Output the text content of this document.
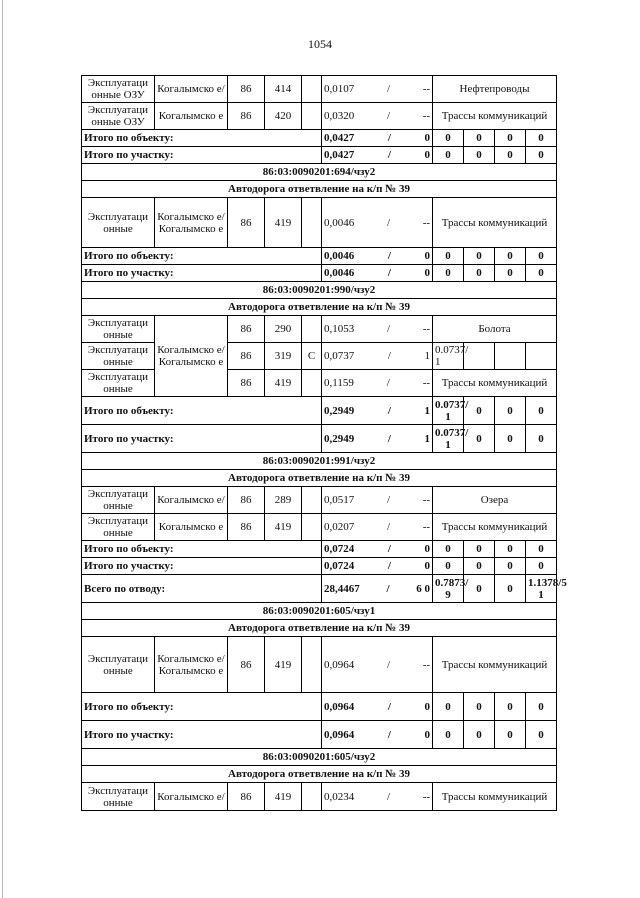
1054
Эксплуатаци онные ОЗУ	Когалымско е/	86	414		0,0107 / --	Нефтепроводы			
Эксплуатаци онные ОЗУ	Когалымско е	86	420		0,0320 / --	Трассы коммуникаций			
Итого по объекту:					0,0427 / 0	0	0	0	0
Итого по участку:					0,0427 / 0	0	0	0	0
86:03:0090201:694/чзу2									
Автодорога ответвление на к/п № 39									
Эксплуатаци онные	Когалымско е/ Когалымско е	86	419		0,0046 / --	Трассы коммуникаций			
Итого по объекту:					0,0046 / 0	0	0	0	0
Итого по участку:					0,0046 / 0	0	0	0	0
86:03:0090201:990/чзу2									
Автодорога ответвление на к/п № 39									
Эксплуатаци онные	Когалымско е/ Когалымско е	86	290		0,1053 / --	Болота			
Эксплуатаци онные		86	319	С	0,0737 / 1	0.0737/ 1			
Эксплуатаци онные		86	419		0,1159 / --	Трассы коммуникаций			
Итого по объекту:					0,2949 / 1	0.0737/ 1	0	0	0
Итого по участку:					0,2949 / 1	0.0737/ 1	0	0	0
86:03:0090201:991/чзу2									
Автодорога ответвление на к/п № 39									
Эксплуатаци онные	Когалымско е/	86	289		0,0517 / --	Озера			
Эксплуатаци онные	Когалымско е	86	419		0,0207 / --	Трассы коммуникаций			
Итого по объекту:					0,0724 / 0	0	0	0	0
Итого по участку:					0,0724 / 0	0	0	0	0
Всего по отводу:					28,4467 / 6 0	0.7873/ 9	0	0	1.1378/5 1
86:03:0090201:605/чзу1									
Автодорога ответвление на к/п № 39									
Эксплуатаци онные	Когалымско е/ Когалымско е	86	419		0,0964 / --	Трассы коммуникаций			
Итого по объекту:					0,0964 / 0	0	0	0	0
Итого по участку:					0,0964 / 0	0	0	0	0
86:03:0090201:605/чзу2									
Автодорога ответвление на к/п № 39									
Эксплуатаци онные	Когалымско е/	86	419		0,0234 / --	Трассы коммуникаций			
